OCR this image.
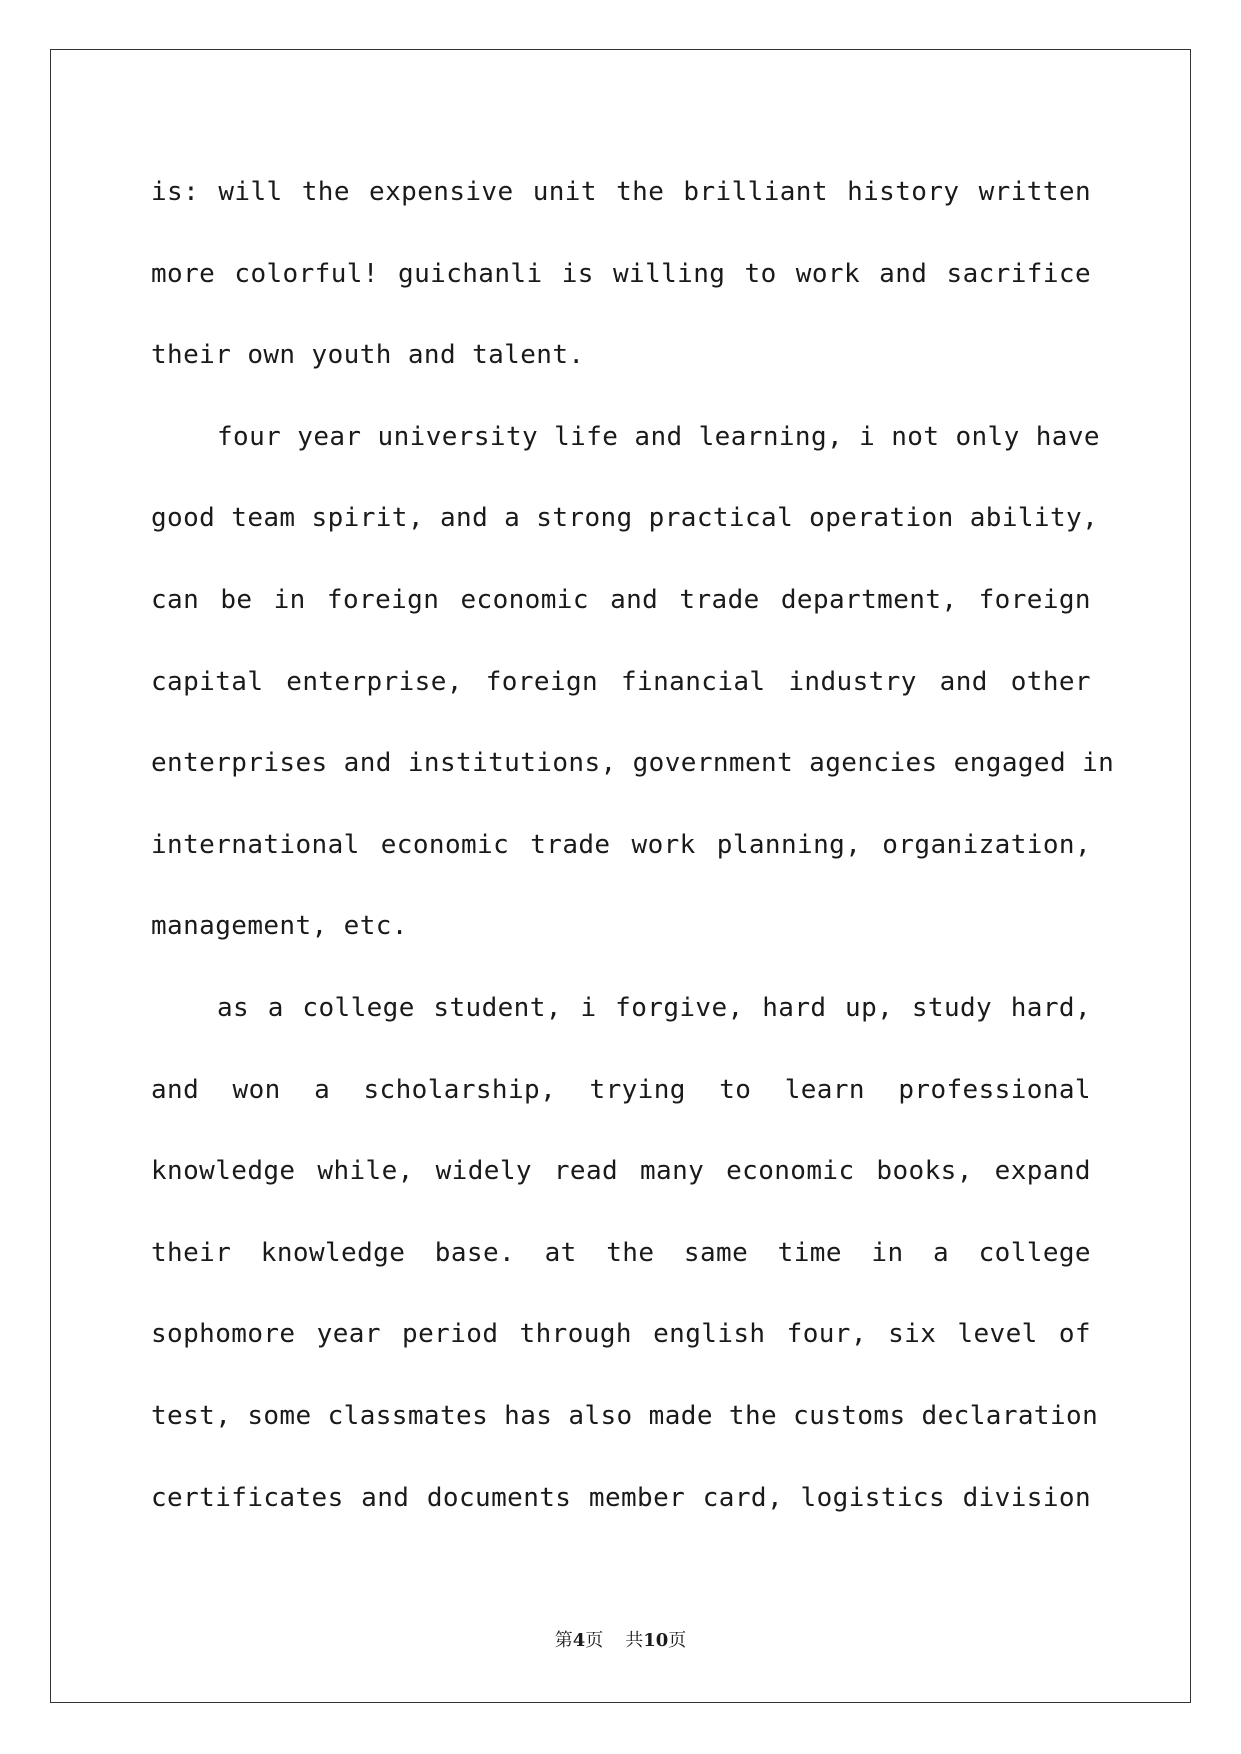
is: will the expensive unit the brilliant history written
more colorful! guichanli is willing to work and sacrifice
their own youth and talent.
four year university life and learning, i not only have
good team spirit, and a strong practical operation ability,
can be in foreign economic and trade department, foreign
capital enterprise, foreign financial industry and other
enterprises and institutions, government agencies engaged in
international economic trade work planning, organization,
management, etc.
as a college student, i forgive, hard up, study hard,
and won a scholarship, trying to learn professional
knowledge while, widely read many economic books, expand
their knowledge base. at the same time in a college
sophomore year period through english four, six level of
test, some classmates has also made the customs declaration
certificates and documents member card, logistics division
第4页 共10页
